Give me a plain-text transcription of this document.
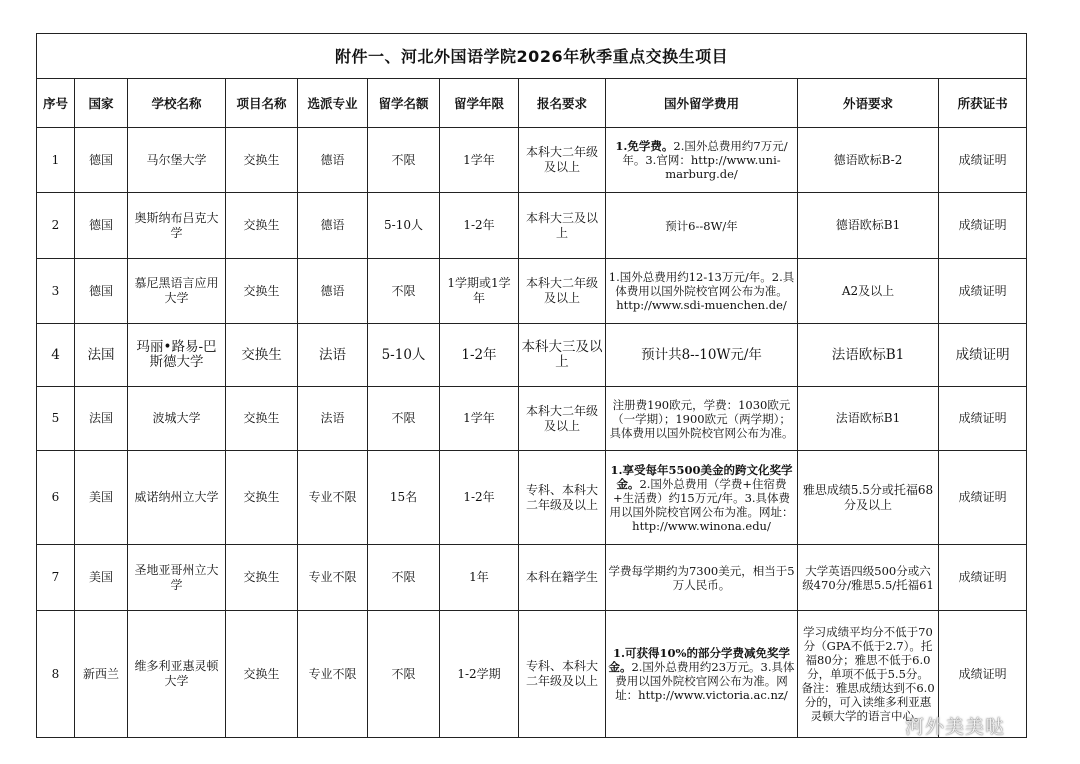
附件一、河北外国语学院2026年秋季重点交换生项目										
序号	国家	学校名称	项目名称	选派专业	留学名额	留学年限	报名要求	国外留学费用	外语要求	所获证书
1	德国	马尔堡大学	交换生	德语	不限	1学年	本科大二年级及以上	1.免学费。2.国外总费用约7万元/年。3.官网：http://www.uni-marburg.de/	德语欧标B-2	成绩证明
2	德国	奥斯纳布吕克大学	交换生	德语	5-10人	1-2年	本科大三及以上	预计6--8W/年	德语欧标B1	成绩证明
3	德国	慕尼黑语言应用大学	交换生	德语	不限	1学期或1学年	本科大二年级及以上	1.国外总费用约12-13万元/年。2.具体费用以国外院校官网公布为准。 http://www.sdi-muenchen.de/	A2及以上	成绩证明
4	法国	玛丽•路易-巴斯德大学	交换生	法语	5-10人	1-2年	本科大三及以上	预计共8--10W元/年	法语欧标B1	成绩证明
5	法国	波城大学	交换生	法语	不限	1学年	本科大二年级及以上	注册费190欧元，学费：1030欧元（一学期）；1900欧元（两学期）；具体费用以国外院校官网公布为准。	法语欧标B1	成绩证明
6	美国	威诺纳州立大学	交换生	专业不限	15名	1-2年	专科、本科大二年级及以上	1.享受每年5500美金的跨文化奖学金。2.国外总费用（学费+住宿费+生活费）约15万元/年。3.具体费用以国外院校官网公布为准。网址：http://www.winona.edu/	雅思成绩5.5分或托福68分及以上	成绩证明
7	美国	圣地亚哥州立大学	交换生	专业不限	不限	1年	本科在籍学生	学费每学期约为7300美元，相当于5万人民币。	大学英语四级500分或六级470分/雅思5.5/托福61	成绩证明
8	新西兰	维多利亚惠灵顿大学	交换生	专业不限	不限	1-2学期	专科、本科大二年级及以上	1.可获得10%的部分学费减免奖学金。2.国外总费用约23万元。3.具体费用以国外院校官网公布为准。网址：http://www.victoria.ac.nz/	学习成绩平均分不低于70分（GPA不低于2.7）。托福80分；雅思不低于6.0分，单项不低于5.5分。 备注：雅思成绩达到不6.0分的，可入读维多利亚惠灵顿大学的语言中心。	成绩证明
河外美美哒
